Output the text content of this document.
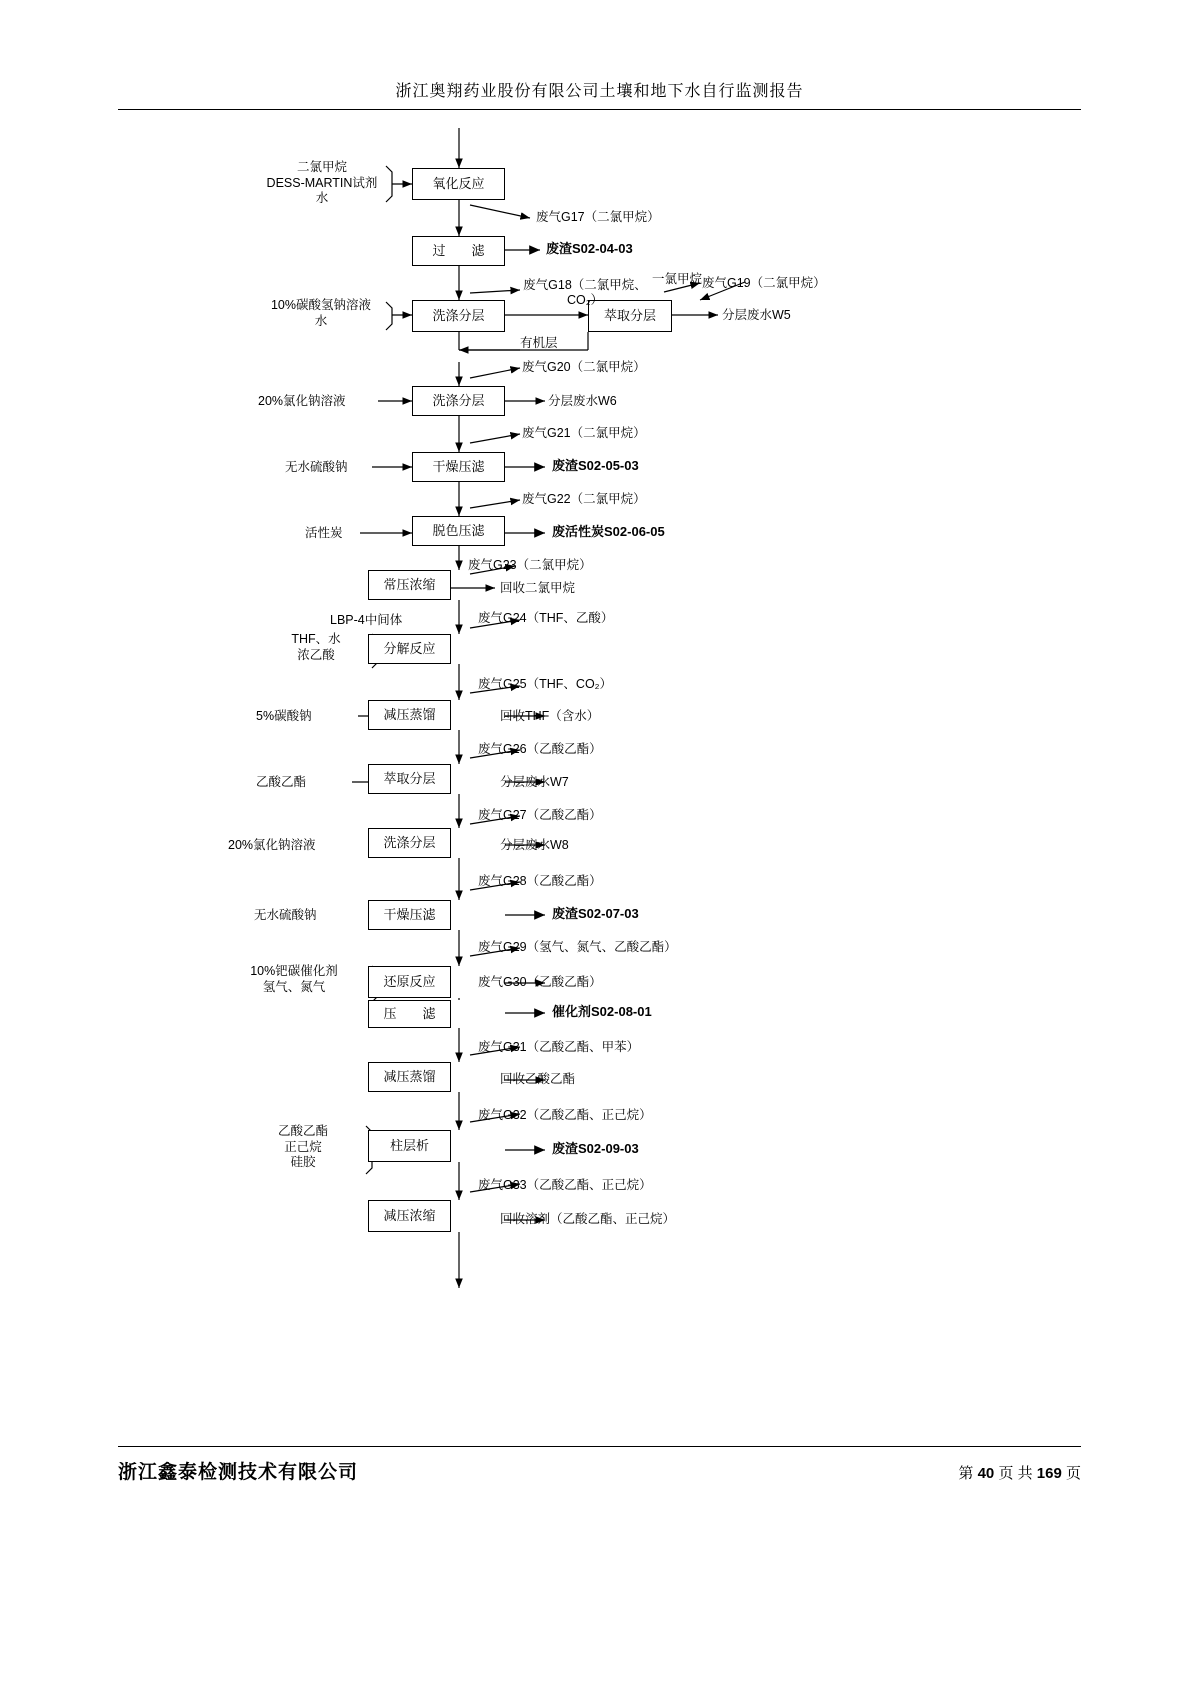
浙江奥翔药业股份有限公司土壤和地下水自行监测报告
氧化反应
过　　滤
洗涤分层	萃取分层
洗涤分层
干燥压滤
脱色压滤
常压浓缩
分解反应
减压蒸馏
萃取分层
洗涤分层
干燥压滤
还原反应
压　　滤
减压蒸馏
柱层析
减压浓缩
二氯甲烷
DESS-MARTIN试剂
水
10%碳酸氢钠溶液
水
一氯甲烷
20%氯化钠溶液
无水硫酸钠
活性炭
THF、水
浓乙酸
5%碳酸钠
乙酸乙酯
20%氯化钠溶液
无水硫酸钠
10%钯碳催化剂
氢气、氮气
乙酸乙酯
正己烷
硅胶
废气G17（二氯甲烷）
废渣S02-04-03
废气G18（二氯甲烷、CO₂）
废气G19（二氯甲烷）
分层废水W5
废气G20（二氯甲烷）
分层废水W6
废气G21（二氯甲烷）
废渣S02-05-03
废气G22（二氯甲烷）
废活性炭S02-06-05
废气G23（二氯甲烷）
回收二氯甲烷
废气G24（THF、乙酸）
废气G25（THF、CO₂）
回收THF（含水）
废气G26（乙酸乙酯）
分层废水W7
废气G27（乙酸乙酯）
分层废水W8
废气G28（乙酸乙酯）
废渣S02-07-03
废气G29（氢气、氮气、乙酸乙酯）
废气G30（乙酸乙酯）
催化剂S02-08-01
废气G31（乙酸乙酯、甲苯）
回收乙酸乙酯
废气G32（乙酸乙酯、正己烷）
废渣S02-09-03
废气G33（乙酸乙酯、正己烷）
回收溶剂（乙酸乙酯、正己烷）
有机层
LBP-4中间体
浙江鑫泰检测技术有限公司	第 40 页 共 169 页
